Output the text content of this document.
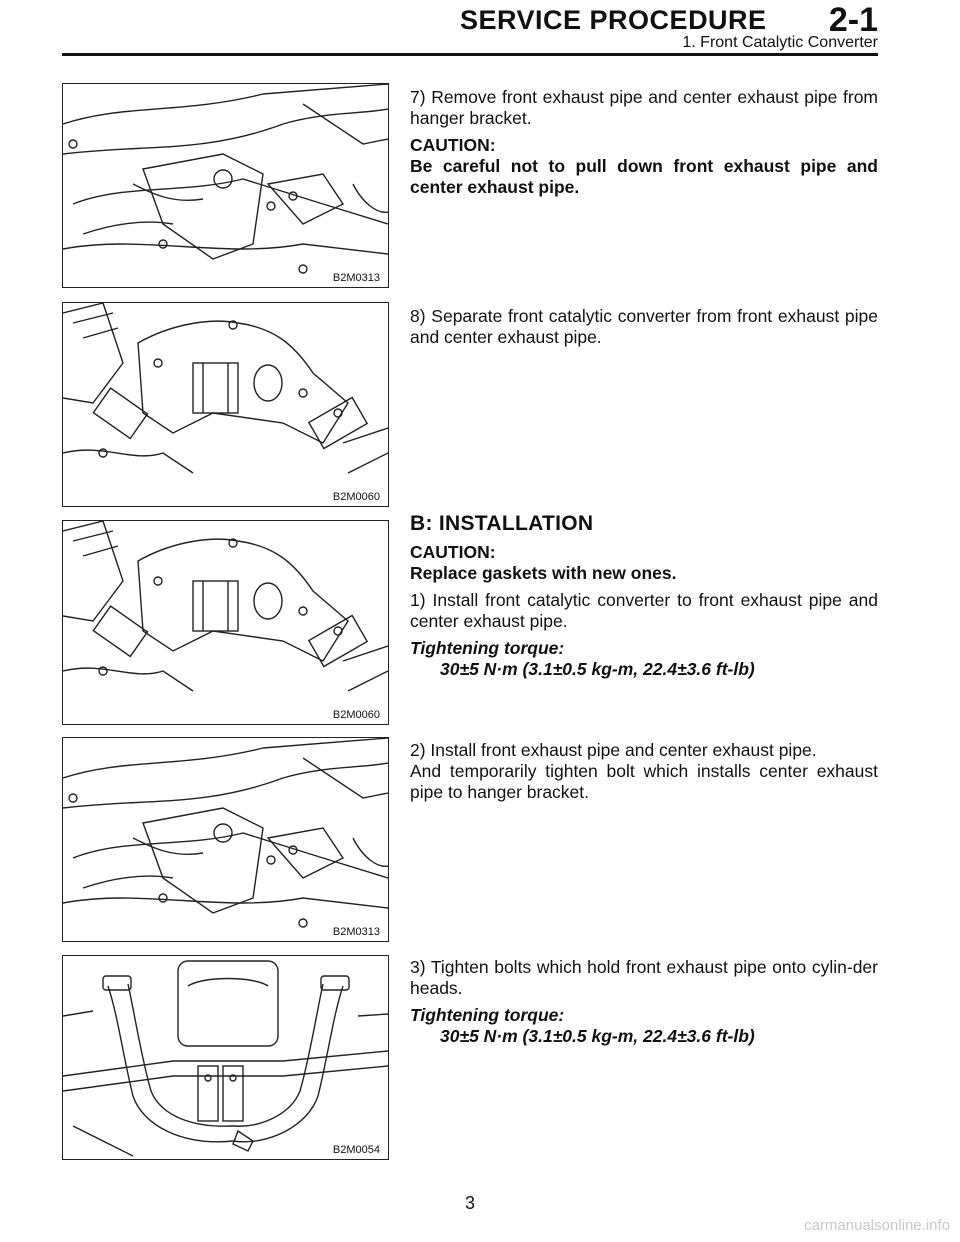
SERVICE PROCEDURE 2-1
1. Front Catalytic Converter
B2M0313
B2M0060
B2M0060
B2M0313
B2M0054

7) Remove front exhaust pipe and center exhaust pipe from hanger bracket.

CAUTION:

Be careful not to pull down front exhaust pipe and center exhaust pipe.

8) Separate front catalytic converter from front exhaust pipe and center exhaust pipe.

B: INSTALLATION

CAUTION:

Replace gaskets with new ones.

1) Install front catalytic converter to front exhaust pipe and center exhaust pipe.

Tightening torque:

30±5 N·m (3.1±0.5 kg-m, 22.4±3.6 ft-lb)

2) Install front exhaust pipe and center exhaust pipe.

And temporarily tighten bolt which installs center exhaust pipe to hanger bracket.

3) Tighten bolts which hold front exhaust pipe onto cylin-der heads.

Tightening torque:

30±5 N·m (3.1±0.5 kg-m, 22.4±3.6 ft-lb)

3
carmanualsonline.info
